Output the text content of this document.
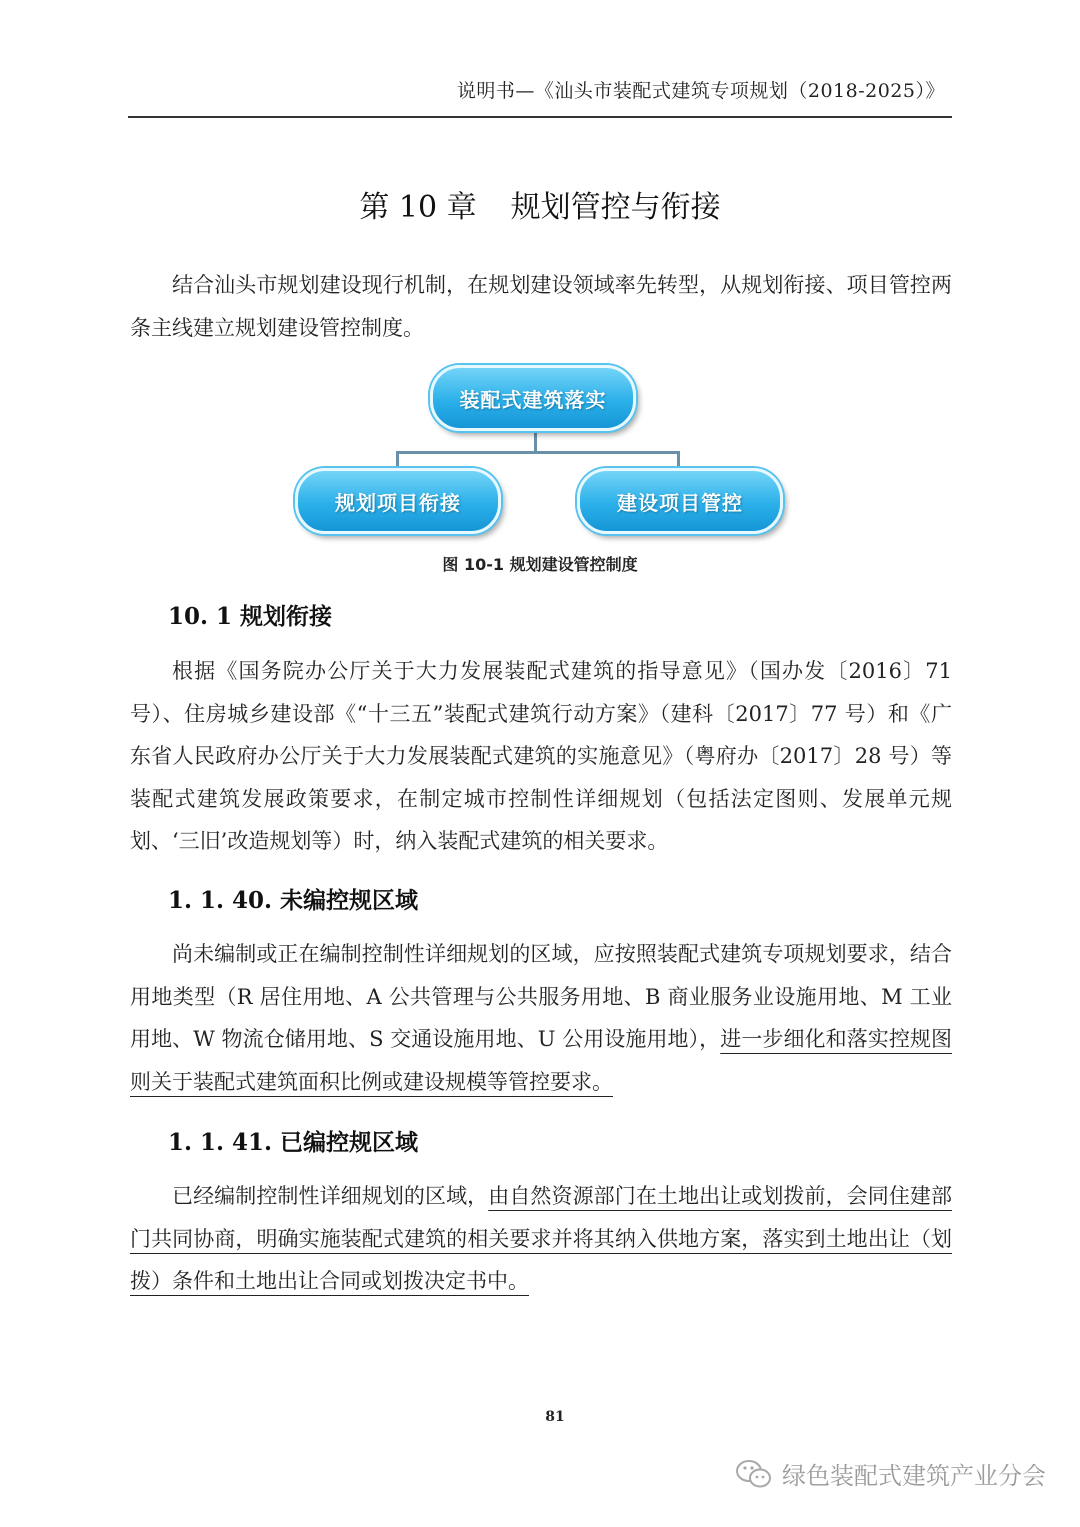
说明书—《汕头市装配式建筑专项规划（2018-2025）》
第 10 章 规划管控与衔接

结合汕头市规划建设现行机制，在规划建设领域率先转型，从规划衔接、项目管控两条主线建立规划建设管控制度。

装配式建筑落实
规划项目衔接	建设项目管控
图 10-1 规划建设管控制度
10. 1 规划衔接

根据《国务院办公厅关于大力发展装配式建筑的指导意见》（国办发〔2016〕71 号）、住房城乡建设部《“十三五”装配式建筑行动方案》（建科〔2017〕77 号）和《广东省人民政府办公厅关于大力发展装配式建筑的实施意见》（粤府办〔2017〕28 号）等装配式建筑发展政策要求，在制定城市控制性详细规划（包括法定图则、发展单元规划、‘三旧’改造规划等）时，纳入装配式建筑的相关要求。

1. 1. 40. 未编控规区域

尚未编制或正在编制控制性详细规划的区域，应按照装配式建筑专项规划要求，结合用地类型（R 居住用地、A 公共管理与公共服务用地、B 商业服务业设施用地、M 工业用地、W 物流仓储用地、S 交通设施用地、U 公用设施用地），进一步细化和落实控规图则关于装配式建筑面积比例或建设规模等管控要求。

1. 1. 41. 已编控规区域

已经编制控制性详细规划的区域，由自然资源部门在土地出让或划拨前，会同住建部门共同协商，明确实施装配式建筑的相关要求并将其纳入供地方案，落实到土地出让（划拨）条件和土地出让合同或划拨决定书中。

81
绿色装配式建筑产业分会
